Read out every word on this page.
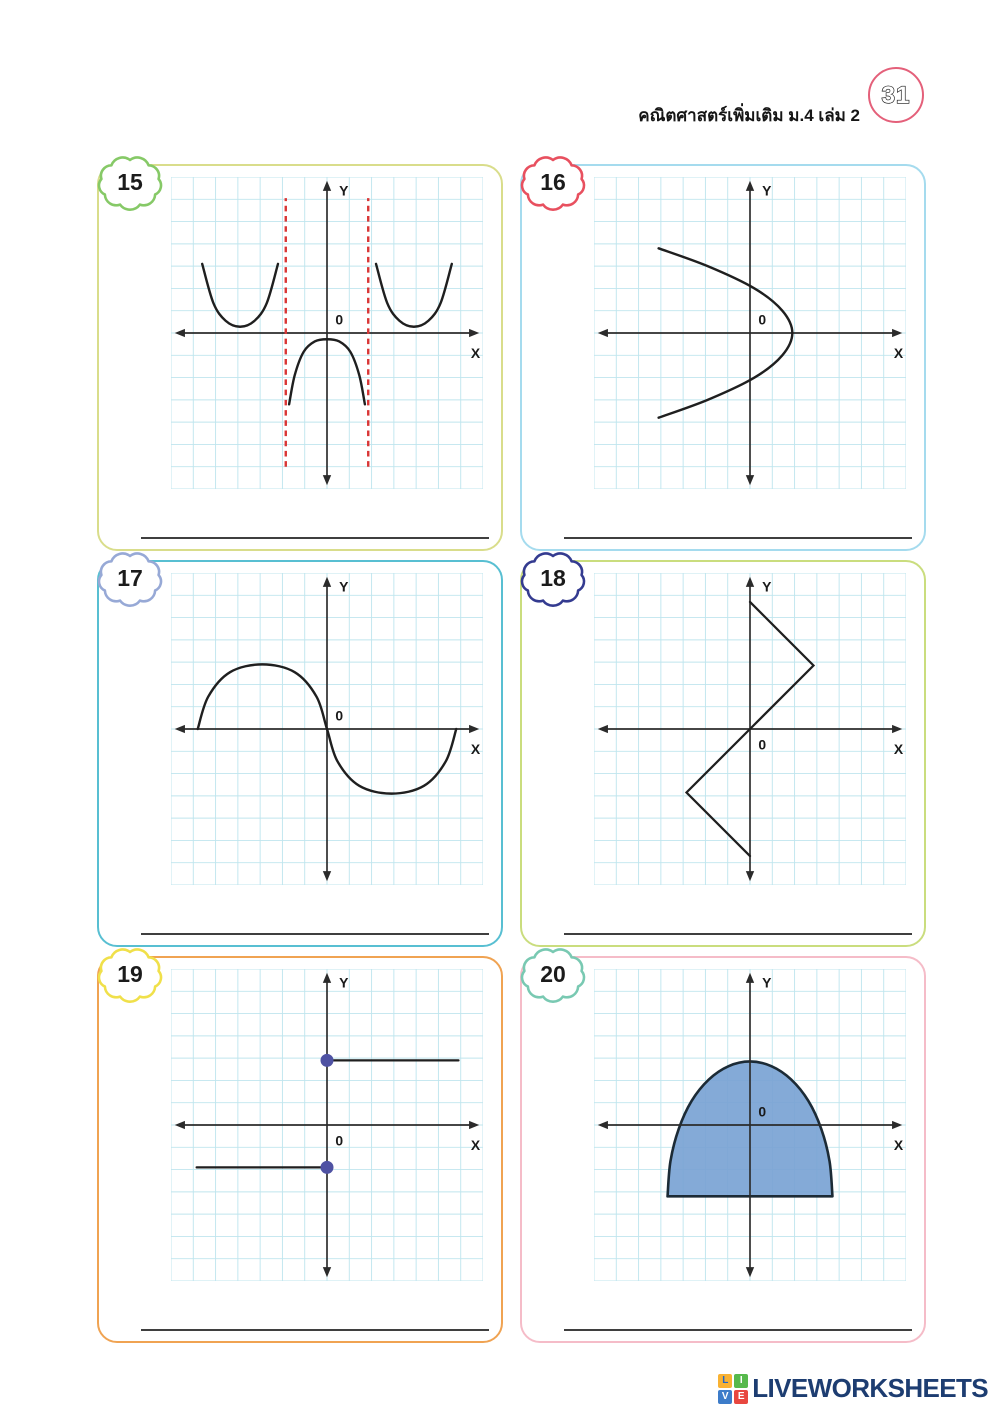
คณิตศาสตร์เพิ่มเติม ม.4 เล่ม 2
31
15	Y
X
0
16	Y
X
0
17	Y
X
0
18	Y
X
0
19	Y
X
0
20	Y
X
0
L	I
V E LIVEWORKSHEETS
